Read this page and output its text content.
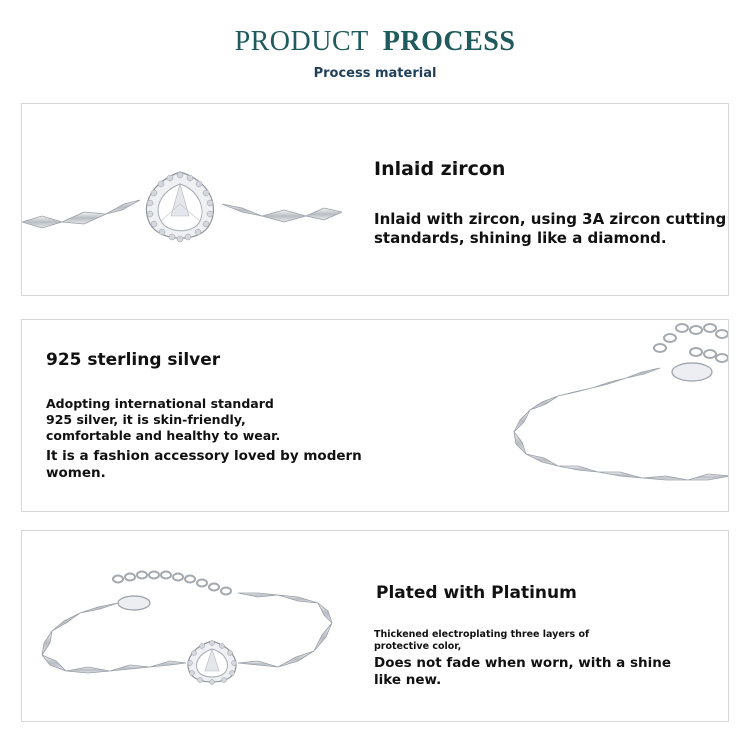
PRODUCT PROCESS
Process material
Inlaid zircon
Inlaid with zircon, using 3A zircon cutting
standards, shining like a diamond.
925 sterling silver
Adopting international standard
925 silver, it is skin-friendly,
comfortable and healthy to wear.
It is a fashion accessory loved by modern
women.
Plated with Platinum
Thickened electroplating three layers of
protective color,
Does not fade when worn, with a shine
like new.
